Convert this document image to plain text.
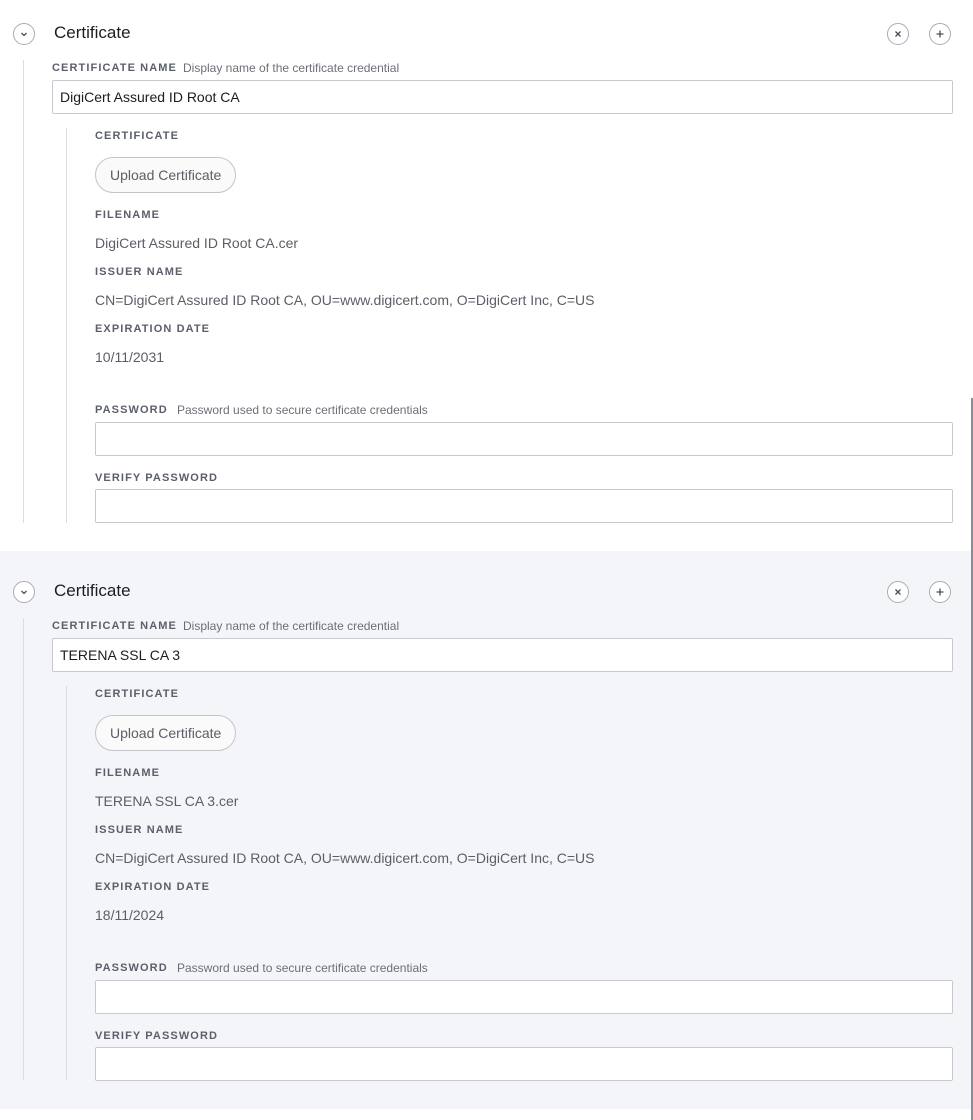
Certificate
CERTIFICATE NAME Display name of the certificate credential
DigiCert Assured ID Root CA
CERTIFICATE
Upload Certificate
FILENAME
DigiCert Assured ID Root CA.cer
ISSUER NAME
CN=DigiCert Assured ID Root CA, OU=www.digicert.com, O=DigiCert Inc, C=US
EXPIRATION DATE
10/11/2031
PASSWORD Password used to secure certificate credentials
VERIFY PASSWORD
Certificate
CERTIFICATE NAME Display name of the certificate credential
TERENA SSL CA 3
CERTIFICATE
Upload Certificate
FILENAME
TERENA SSL CA 3.cer
ISSUER NAME
CN=DigiCert Assured ID Root CA, OU=www.digicert.com, O=DigiCert Inc, C=US
EXPIRATION DATE
18/11/2024
PASSWORD Password used to secure certificate credentials
VERIFY PASSWORD
